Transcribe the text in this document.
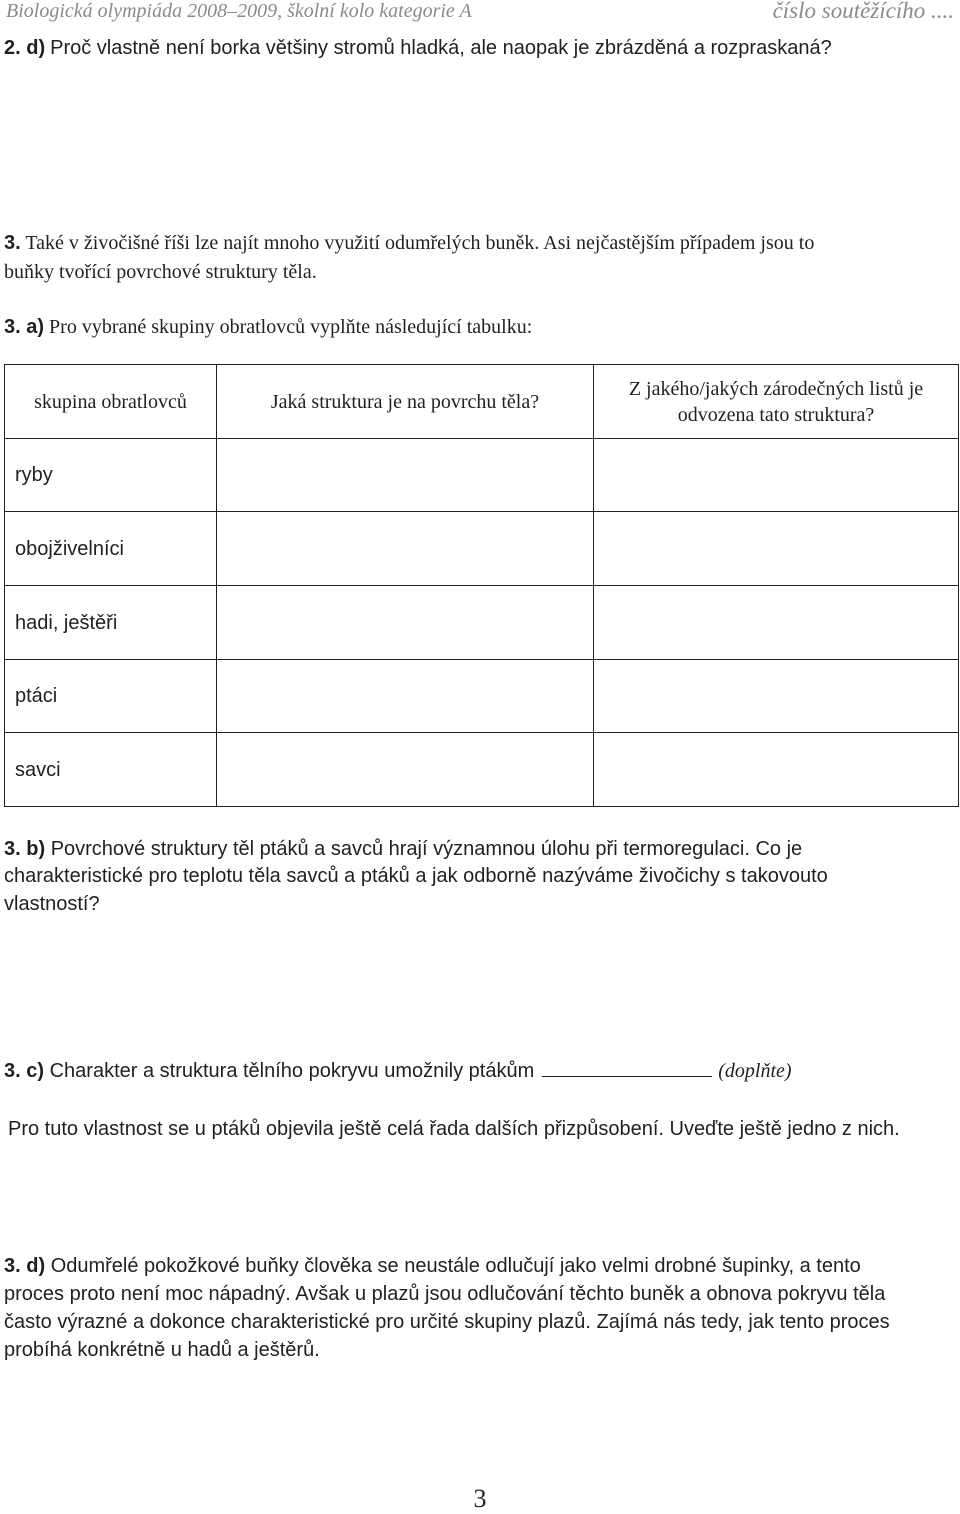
Biologická olympiáda 2008–2009, školní kolo kategorie A	číslo soutěžícího ....
2. d) Proč vlastně není borka většiny stromů hladká, ale naopak je zbrázděná a rozpraskaná?
3. Také v živočišné říši lze najít mnoho využití odumřelých buněk. Asi nejčastějším případem jsou to
buňky tvořící povrchové struktury těla.
3. a) Pro vybrané skupiny obratlovců vyplňte následující tabulku:
skupina obratlovců	Jaká struktura je na povrchu těla?	Z jakého/jakých zárodečných listů je odvozena tato struktura?
ryby		
obojživelníci		
hadi, ještěři		
ptáci		
savci		
3. b) Povrchové struktury těl ptáků a savců hrají významnou úlohu při termoregulaci. Co je
charakteristické pro teplotu těla savců a ptáků a jak odborně nazýváme živočichy s takovouto
vlastností?
3. c) Charakter a struktura tělního pokryvu umožnily ptákům	(doplňte)
Pro tuto vlastnost se u ptáků objevila ještě celá řada dalších přizpůsobení. Uveďte ještě jedno z nich.
3. d) Odumřelé pokožkové buňky člověka se neustále odlučují jako velmi drobné šupinky, a tento
proces proto není moc nápadný. Avšak u plazů jsou odlučování těchto buněk a obnova pokryvu těla
často výrazné a dokonce charakteristické pro určité skupiny plazů. Zajímá nás tedy, jak tento proces
probíhá konkrétně u hadů a ještěrů.
3
